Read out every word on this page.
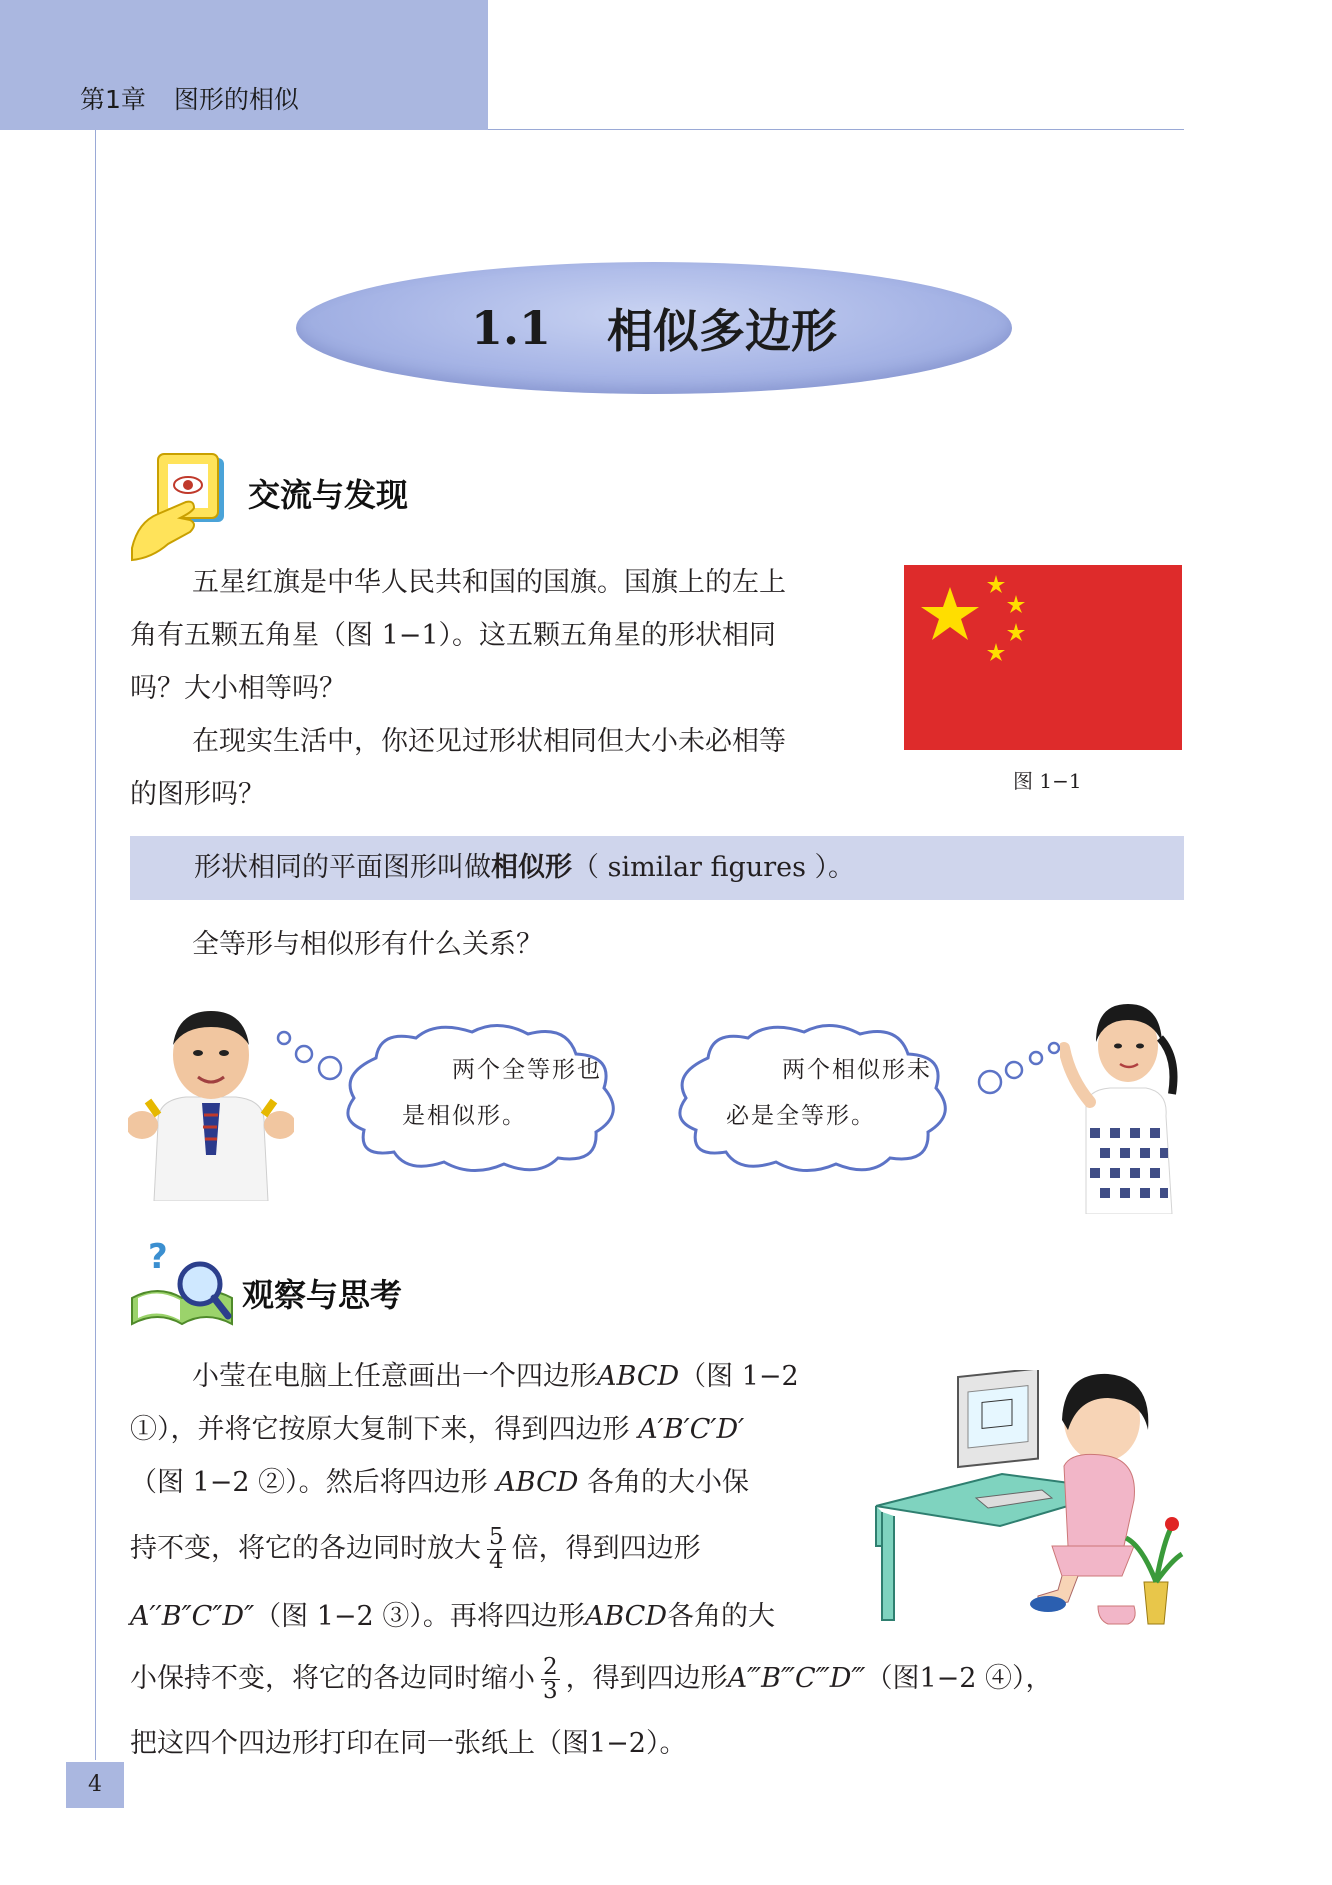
第1章 图形的相似
1.1 相似多边形
交流与发现
五星红旗是中华人民共和国的国旗。国旗上的左上
角有五颗五角星（图 1−1）。这五颗五角星的形状相同
吗？大小相等吗？
在现实生活中，你还见过形状相同但大小未必相等
的图形吗？	图 1−1
形状相同的平面图形叫做相似形（ similar figures ）。
全等形与相似形有什么关系？
两个全等形也
是相似形。
两个相似形未
必是全等形。
?
观察与思考
小莹在电脑上任意画出一个四边形ABCD（图 1−2
①），并将它按原大复制下来，得到四边形 A′B′C′D′
（图 1−2 ②）。然后将四边形 ABCD 各角的大小保
持不变，将它的各边同时放大 $\frac{5}{4}$ 倍，得到四边形
A′′B″C″D″（图 1−2 ③）。再将四边形ABCD各角的大
小保持不变，将它的各边同时缩小 $\frac{2}{3}$ ，得到四边形A‴B‴C‴D‴（图1−2 ④），
把这四个四边形打印在同一张纸上（图1−2）。
4
